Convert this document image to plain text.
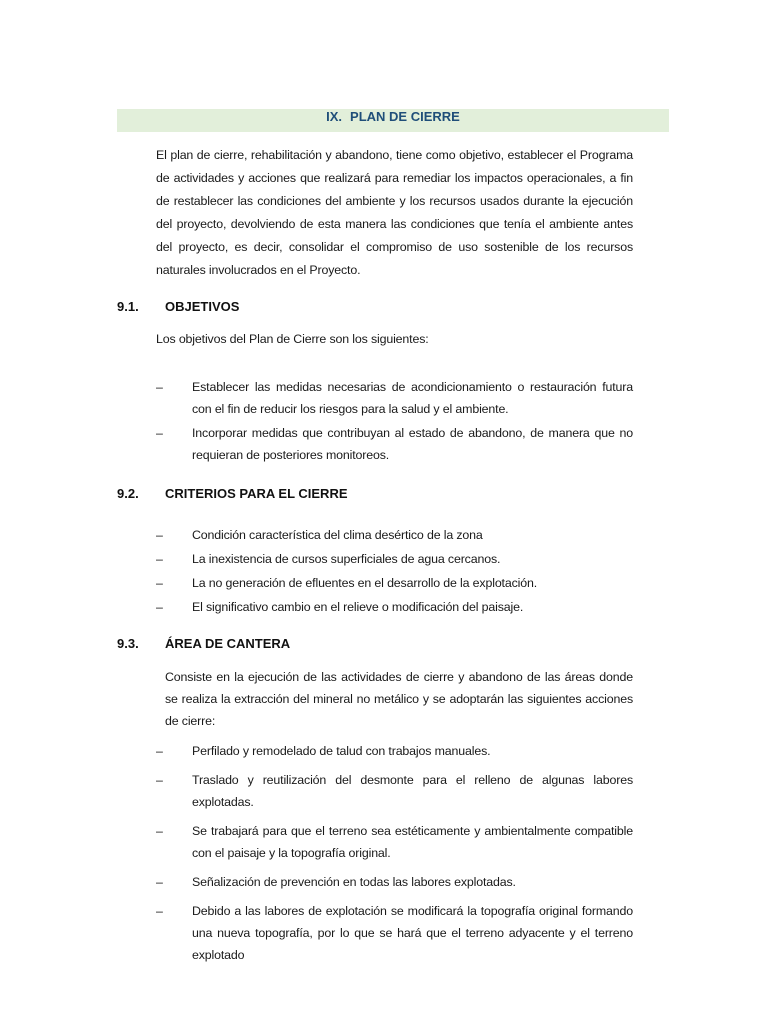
IX. PLAN DE CIERRE
El plan de cierre, rehabilitación y abandono, tiene como objetivo, establecer el Programa de actividades y acciones que realizará para remediar los impactos operacionales, a fin de restablecer las condiciones del ambiente y los recursos usados durante la ejecución del proyecto, devolviendo de esta manera las condiciones que tenía el ambiente antes del proyecto, es decir, consolidar el compromiso de uso sostenible de los recursos naturales involucrados en el Proyecto.
9.1. OBJETIVOS
Los objetivos del Plan de Cierre son los siguientes:
– Establecer las medidas necesarias de acondicionamiento o restauración futura con el fin de reducir los riesgos para la salud y el ambiente.
– Incorporar medidas que contribuyan al estado de abandono, de manera que no requieran de posteriores monitoreos.
9.2. CRITERIOS PARA EL CIERRE
– Condición característica del clima desértico de la zona
– La inexistencia de cursos superficiales de agua cercanos.
– La no generación de efluentes en el desarrollo de la explotación.
– El significativo cambio en el relieve o modificación del paisaje.
9.3. ÁREA DE CANTERA
Consiste en la ejecución de las actividades de cierre y abandono de las áreas donde se realiza la extracción del mineral no metálico y se adoptarán las siguientes acciones de cierre:
– Perfilado y remodelado de talud con trabajos manuales.
– Traslado y reutilización del desmonte para el relleno de algunas labores explotadas.
– Se trabajará para que el terreno sea estéticamente y ambientalmente compatible con el paisaje y la topografía original.
– Señalización de prevención en todas las labores explotadas.
– Debido a las labores de explotación se modificará la topografía original formando una nueva topografía, por lo que se hará que el terreno adyacente y el terreno explotado
